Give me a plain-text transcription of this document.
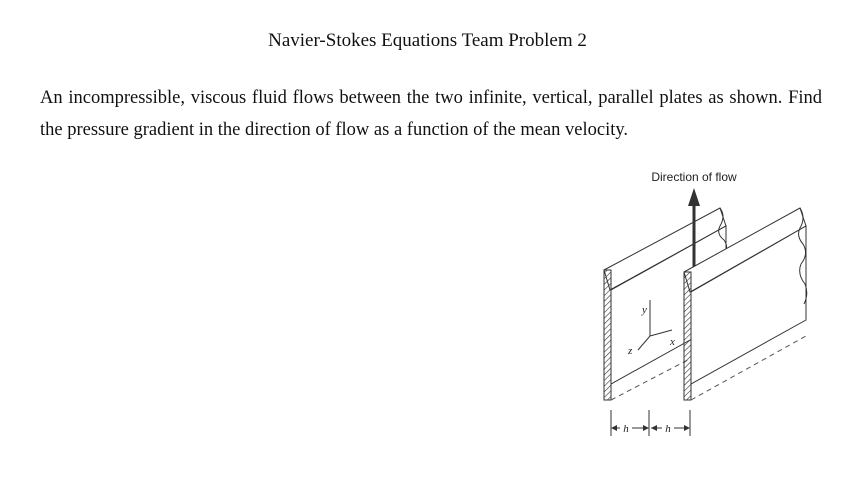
Navier-Stokes Equations Team Problem 2
An incompressible, viscous fluid flows between the two infinite, vertical, parallel plates as shown. Find the pressure gradient in the direction of flow as a function of the mean velocity.
Direction of flow
y
x
z
h	h
